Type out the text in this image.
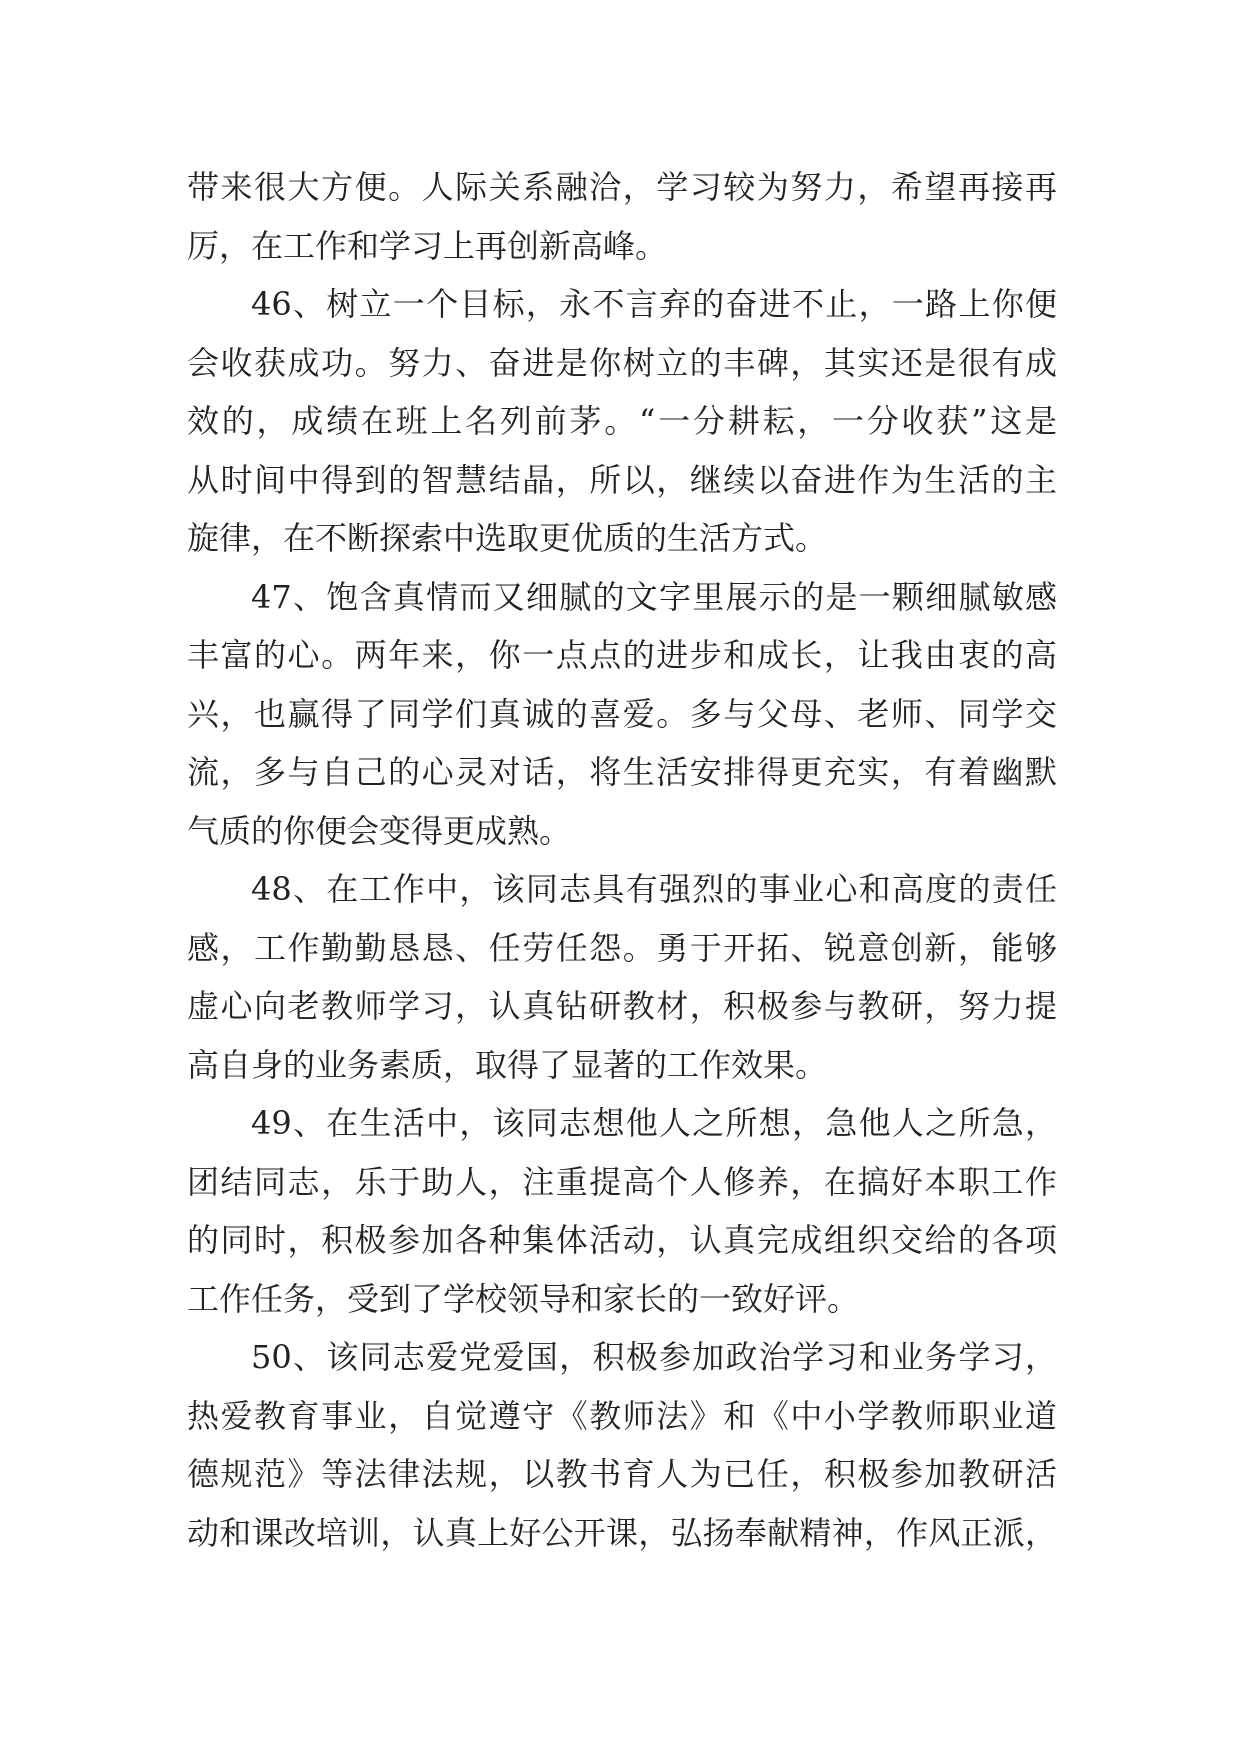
带来很大方便。人际关系融洽，学习较为努力，希望再接再
厉，在工作和学习上再创新高峰。
46、树立一个目标，永不言弃的奋进不止，一路上你便
会收获成功。努力、奋进是你树立的丰碑，其实还是很有成
效的，成绩在班上名列前茅。“一分耕耘，一分收获”这是
从时间中得到的智慧结晶，所以，继续以奋进作为生活的主
旋律，在不断探索中选取更优质的生活方式。
47、饱含真情而又细腻的文字里展示的是一颗细腻敏感
丰富的心。两年来，你一点点的进步和成长，让我由衷的高
兴，也赢得了同学们真诚的喜爱。多与父母、老师、同学交
流，多与自己的心灵对话，将生活安排得更充实，有着幽默
气质的你便会变得更成熟。
48、在工作中，该同志具有强烈的事业心和高度的责任
感，工作勤勤恳恳、任劳任怨。勇于开拓、锐意创新，能够
虚心向老教师学习，认真钻研教材，积极参与教研，努力提
高自身的业务素质，取得了显著的工作效果。
49、在生活中，该同志想他人之所想，急他人之所急，
团结同志，乐于助人，注重提高个人修养，在搞好本职工作
的同时，积极参加各种集体活动，认真完成组织交给的各项
工作任务，受到了学校领导和家长的一致好评。
50、该同志爱党爱国，积极参加政治学习和业务学习，
热爱教育事业，自觉遵守《教师法》和《中小学教师职业道
德规范》等法律法规，以教书育人为已任，积极参加教研活
动和课改培训，认真上好公开课，弘扬奉献精神，作风正派，
